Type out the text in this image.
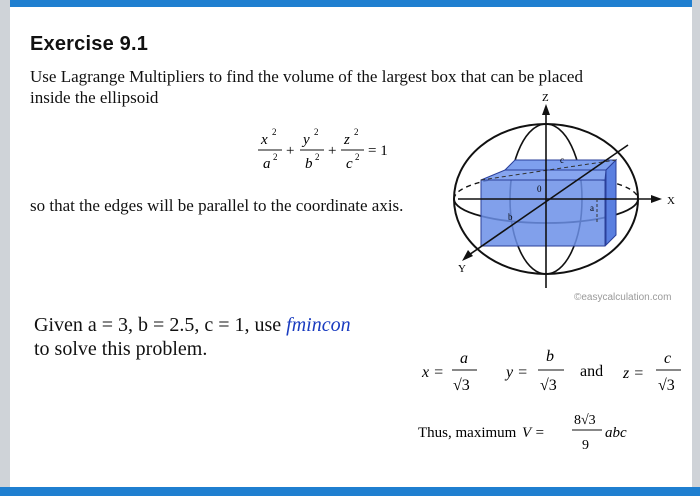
Exercise 9.1
Use Lagrange Multipliers to find the volume of the largest box that can be placed
inside the ellipsoid
x 2
a 2 +
y 2
b 2 +
z 2
c 2 = 1
Z
X
Y
0
a
b
c
x =
a
√3
y =
b
√3
and z =
c
√3
Thus, maximum V =
8√3
9
abc
so that the edges will be parallel to the coordinate axis.
©easycalculation.com
Given a = 3, b = 2.5, c = 1, use fmincon
to solve this problem.
